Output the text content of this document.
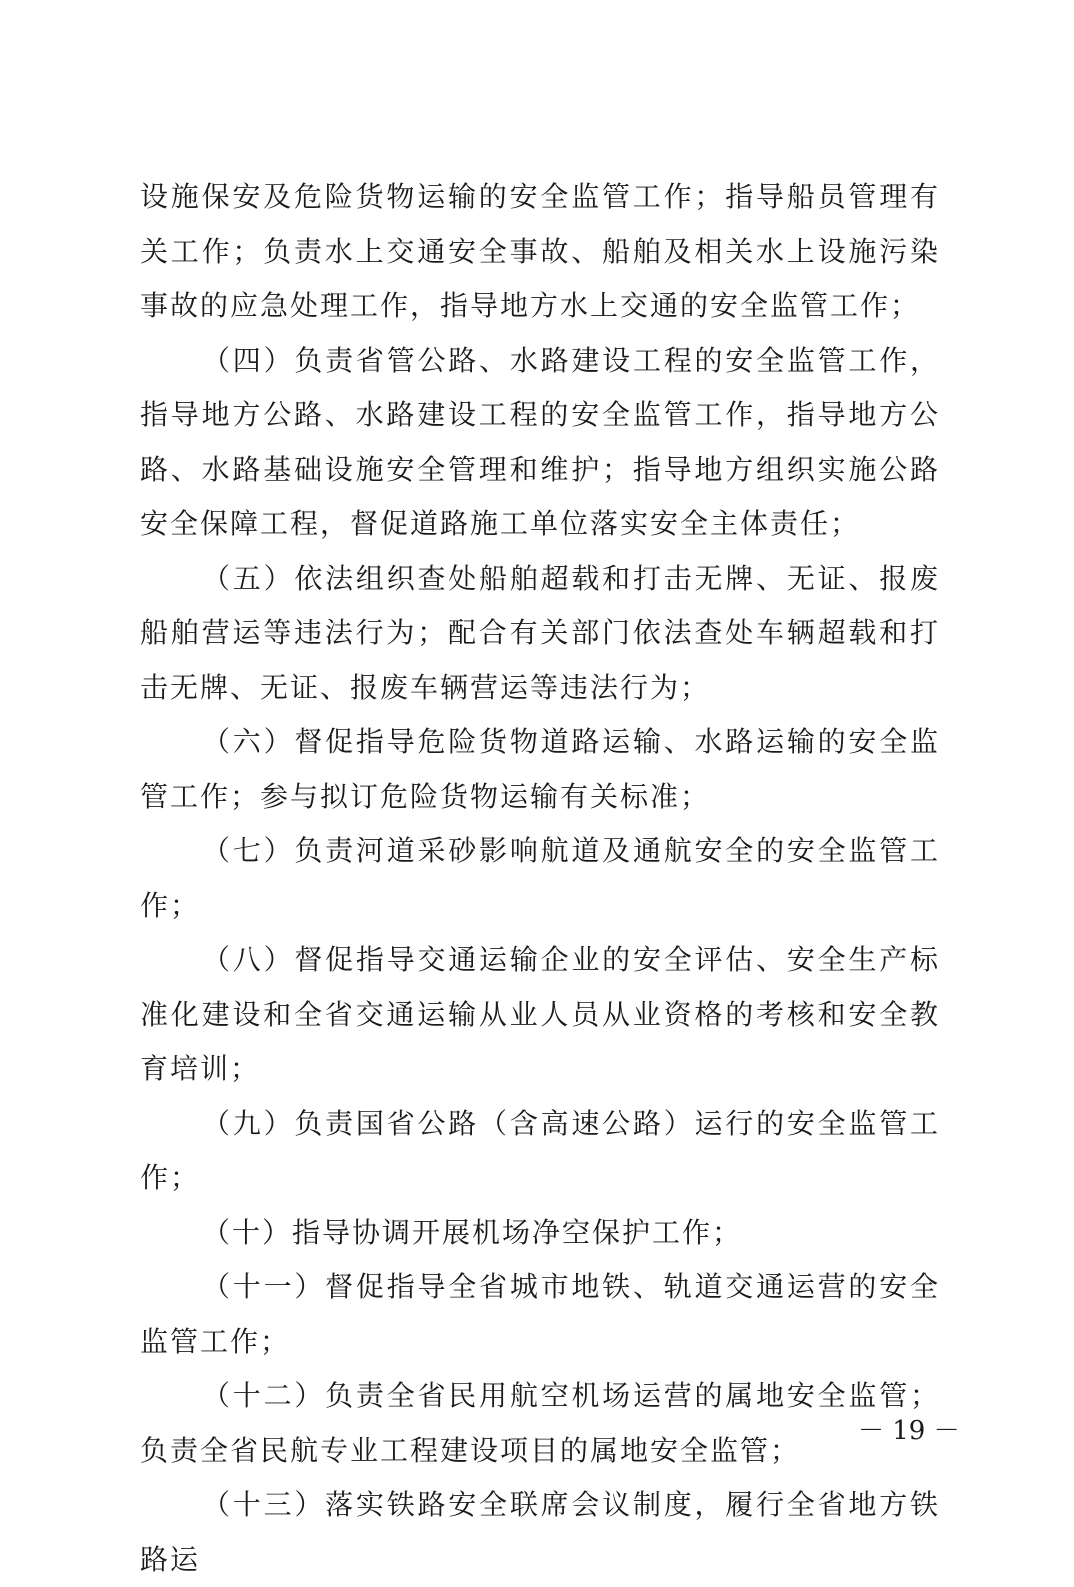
设施保安及危险货物运输的安全监管工作；指导船员管理有关工作；负责水上交通安全事故、船舶及相关水上设施污染事故的应急处理工作，指导地方水上交通的安全监管工作；

（四）负责省管公路、水路建设工程的安全监管工作，指导地方公路、水路建设工程的安全监管工作，指导地方公路、水路基础设施安全管理和维护；指导地方组织实施公路安全保障工程，督促道路施工单位落实安全主体责任；

（五）依法组织查处船舶超载和打击无牌、无证、报废船舶营运等违法行为；配合有关部门依法查处车辆超载和打击无牌、无证、报废车辆营运等违法行为；

（六）督促指导危险货物道路运输、水路运输的安全监管工作；参与拟订危险货物运输有关标准；

（七）负责河道采砂影响航道及通航安全的安全监管工作；

（八）督促指导交通运输企业的安全评估、安全生产标准化建设和全省交通运输从业人员从业资格的考核和安全教育培训；

（九）负责国省公路（含高速公路）运行的安全监管工作；

（十）指导协调开展机场净空保护工作；

（十一）督促指导全省城市地铁、轨道交通运营的安全监管工作；

（十二）负责全省民用航空机场运营的属地安全监管；负责全省民航专业工程建设项目的属地安全监管；

（十三）落实铁路安全联席会议制度，履行全省地方铁路运

－ 19 －
